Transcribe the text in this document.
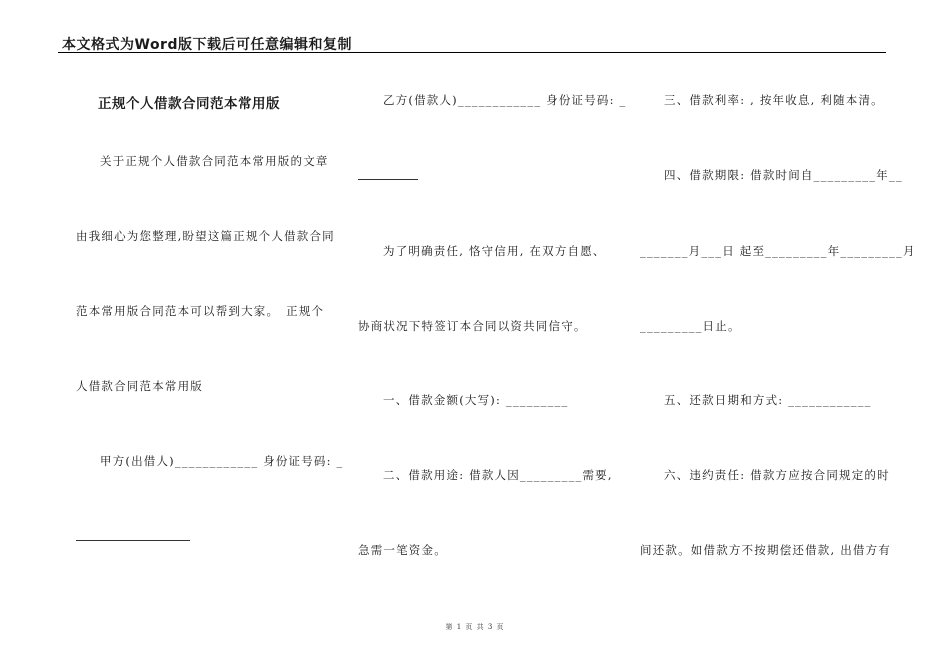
本文格式为Word版下载后可任意编辑和复制
正规个人借款合同范本常用版
关于正规个人借款合同范本常用版的文章
由我细心为您整理,盼望这篇正规个人借款合同
范本常用版合同范本可以帮到大家。　正规个
人借款合同范本常用版
甲方(出借人)____________ 身份证号码: _
乙方(借款人)____________ 身份证号码: _
为了明确责任, 恪守信用, 在双方自愿、
协商状况下特签订本合同以资共同信守。
一、借款金额(大写): _________
二、借款用途: 借款人因_________需要,
急需一笔资金。
三、借款利率: , 按年收息, 利随本清。
四、借款期限: 借款时间自_________年__
_______月___日 起至_________年_________月
_________日止。
五、还款日期和方式: ____________
六、违约责任: 借款方应按合同规定的时
间还款。如借款方不按期偿还借款, 出借方有
第 1 页 共 3 页
